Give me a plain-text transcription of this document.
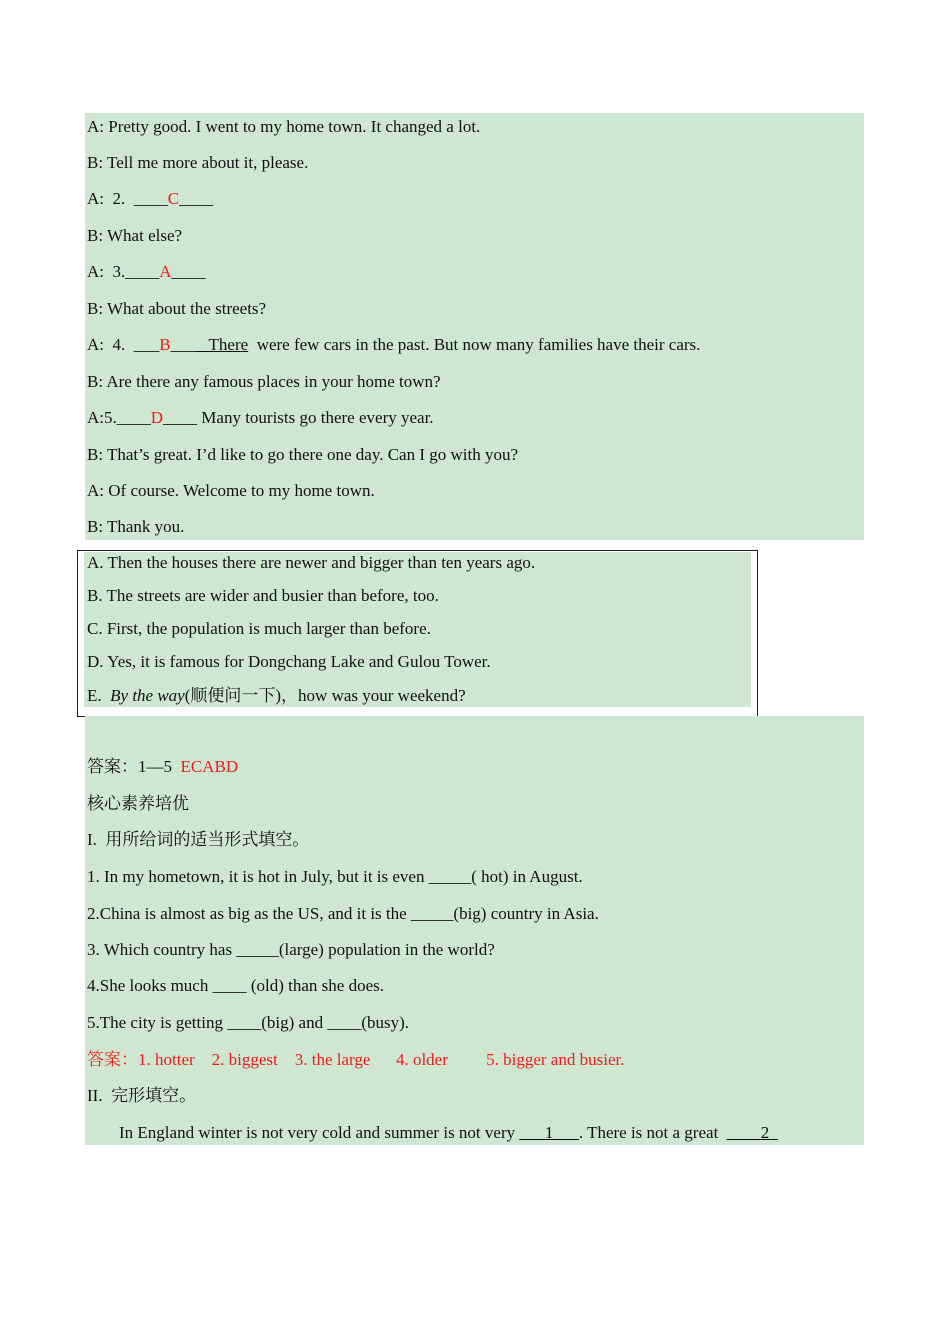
A: Pretty good. I went to my home town. It changed a lot.
B: Tell me more about it, please.
A:  2.  ____C____
B: What else?
A:  3.____A____
B: What about the streets?
A:  4.  ___B____ There  were few cars in the past. But now many families have their cars.
B: Are there any famous places in your home town?
A:5.____D____ Many tourists go there every year.
B: That’s great. I’d like to go there one day. Can I go with you?
A: Of course. Welcome to my home town.
B: Thank you.
A. Then the houses there are newer and bigger than ten years ago.
B. The streets are wider and busier than before, too.
C. First, the population is much larger than before.
D. Yes, it is famous for Dongchang Lake and Gulou Tower.
E.  By the way(顺便问一下)，how was your weekend?
答案：1—5  ECABD
核心素养培优
I.  用所给词的适当形式填空。
1. In my hometown, it is hot in July, but it is even _____( hot) in August.
2.China is almost as big as the US, and it is the _____(big) country in Asia.
3. Which country has _____(large) population in the world?
4.She looks much ____ (old) than she does.
5.The city is getting ____(big) and ____(busy).
答案：1. hotter    2. biggest    3. the large      4. older         5. bigger and busier.
II.  完形填空。
In England winter is not very cold and summer is not very ___1___. There is not a great  ____2_
